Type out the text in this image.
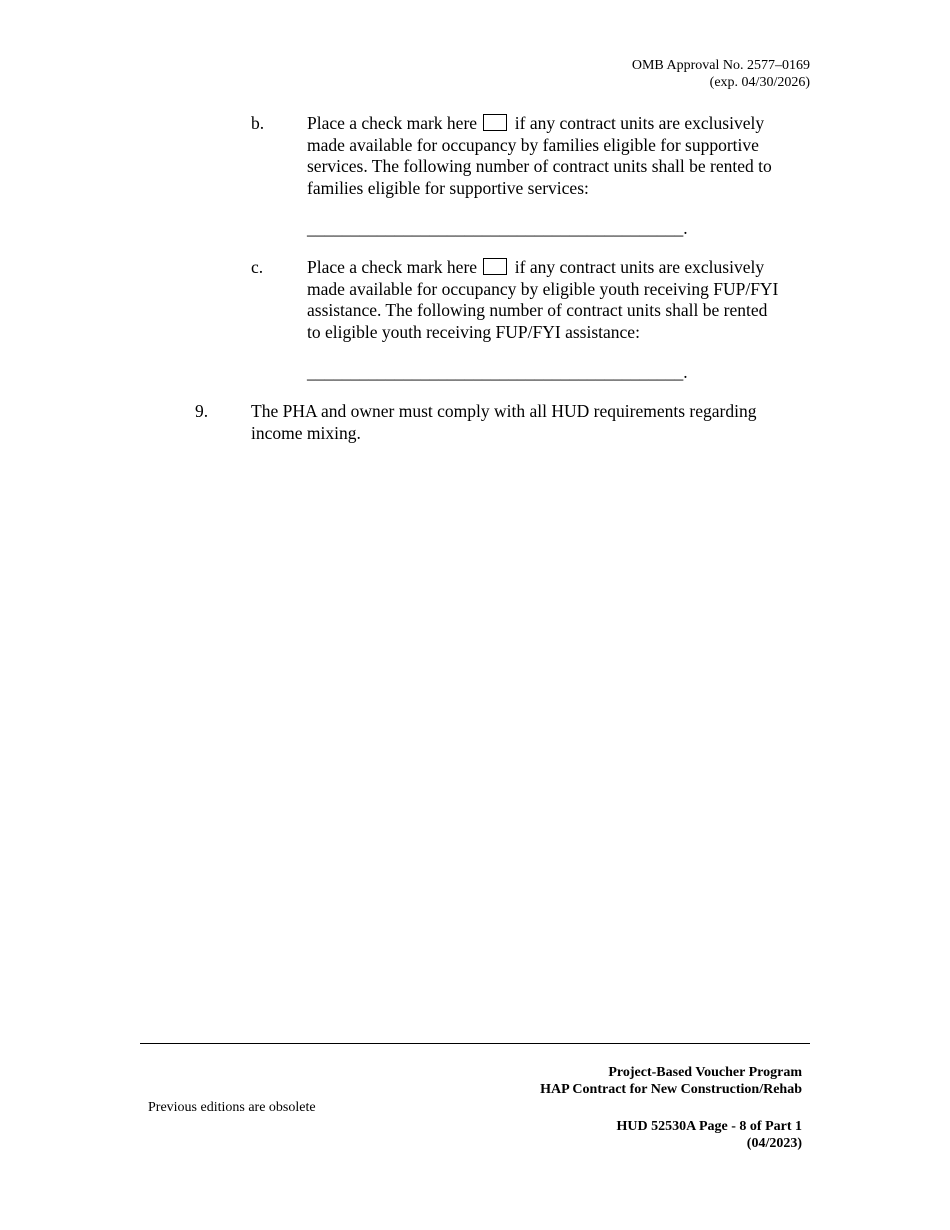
OMB Approval No. 2577–0169
(exp. 04/30/2026)
b. Place a check mark here if any contract units are exclusively
made available for occupancy by families eligible for supportive
services. The following number of contract units shall be rented to
families eligible for supportive services:
___________________________________________.
c.	Place a check mark here if any contract units are exclusively
made available for occupancy by eligible youth receiving FUP/FYI
assistance. The following number of contract units shall be rented
to eligible youth receiving FUP/FYI assistance:
___________________________________________.
9. The PHA and owner must comply with all HUD requirements regarding
income mixing.
Previous editions are obsolete
Project-Based Voucher Program
HAP Contract for New Construction/Rehab
HUD 52530A Page - 8 of Part 1
(04/2023)
